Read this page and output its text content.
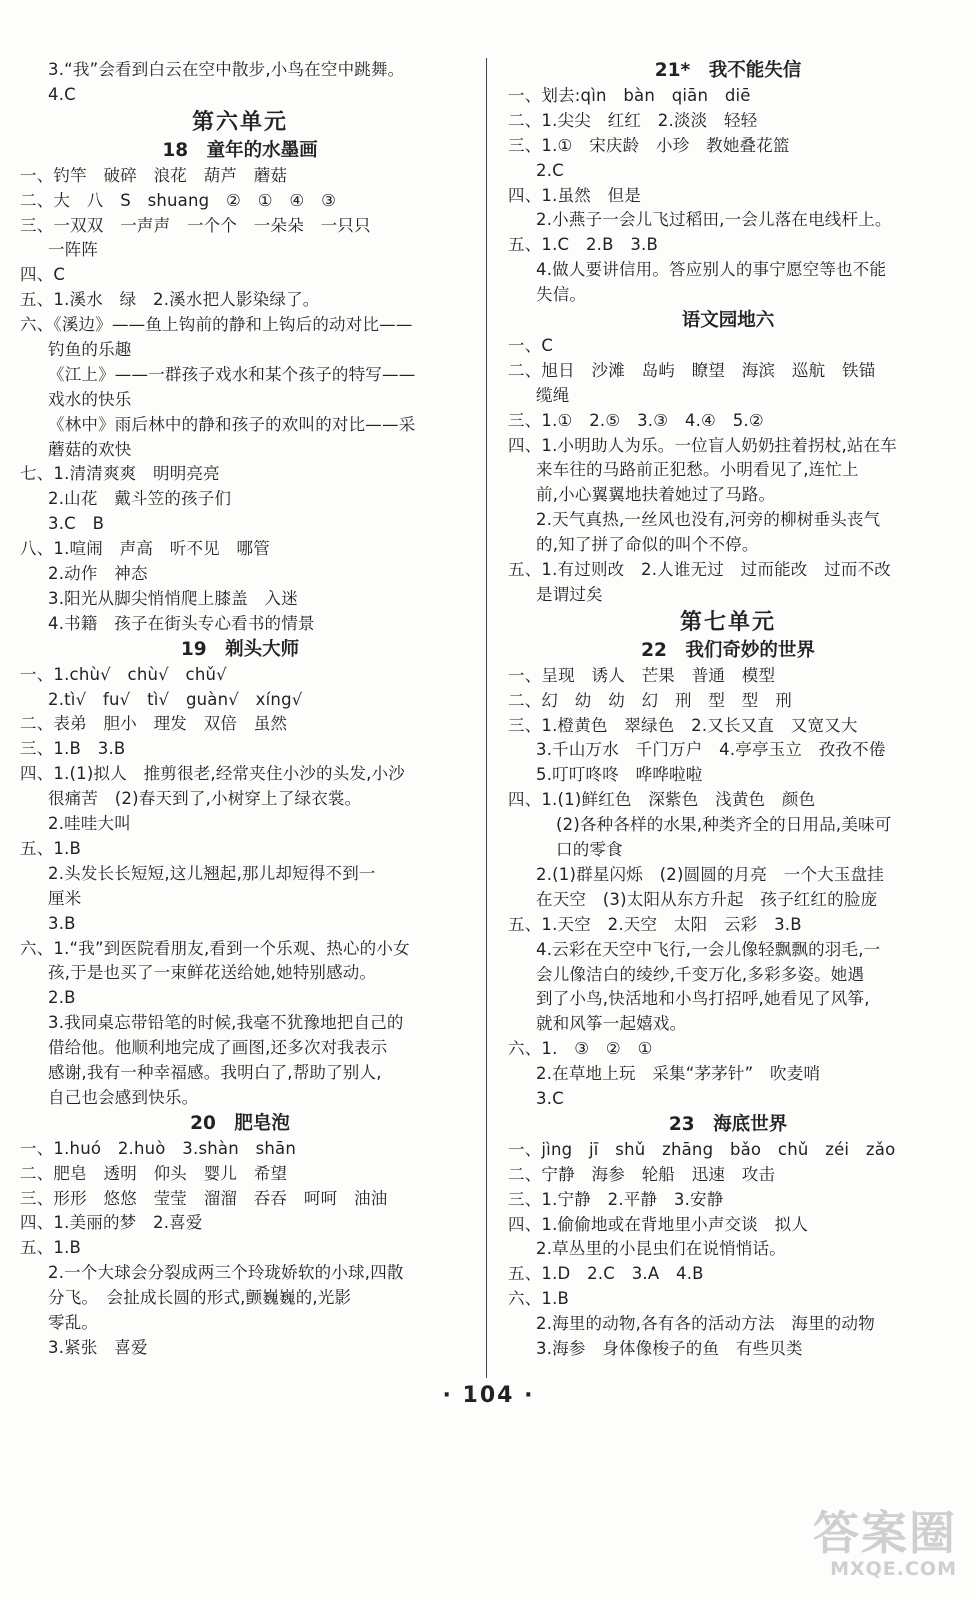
3.“我”会看到白云在空中散步,小鸟在空中跳舞。
4.C
第六单元
18　童年的水墨画
一、钓竿　破碎　浪花　葫芦　蘑菇
二、大　八　S　shuang　②　①　④　③
三、一双双　一声声　一个个　一朵朵　一只只
一阵阵
四、C
五、1.溪水　绿　2.溪水把人影染绿了。
六、《溪边》——鱼上钩前的静和上钩后的动对比——
钓鱼的乐趣
《江上》——一群孩子戏水和某个孩子的特写——
戏水的快乐
《林中》雨后林中的静和孩子的欢叫的对比——采
蘑菇的欢快
七、1.清清爽爽　明明亮亮
2.山花　戴斗笠的孩子们
3.C　B
八、1.喧闹　声高　听不见　哪管
2.动作　神态
3.阳光从脚尖悄悄爬上膝盖　入迷
4.书籍　孩子在街头专心看书的情景
19　剃头大师
一、1.chù√　chù√　chǔ√
2.tì√　fu√　tì√　guàn√　xíng√
二、表弟　胆小　理发　双倍　虽然
三、1.B　3.B
四、1.(1)拟人　推剪很老,经常夹住小沙的头发,小沙
很痛苦　(2)春天到了,小树穿上了绿衣裳。
2.哇哇大叫
五、1.B
2.头发长长短短,这儿翘起,那儿却短得不到一
厘米
3.B
六、1.“我”到医院看朋友,看到一个乐观、热心的小女
孩,于是也买了一束鲜花送给她,她特别感动。
2.B
3.我同桌忘带铅笔的时候,我毫不犹豫地把自己的
借给他。他顺利地完成了画图,还多次对我表示
感谢,我有一种幸福感。我明白了,帮助了别人,
自己也会感到快乐。
20　肥皂泡
一、1.huó　2.huò　3.shàn　shān
二、肥皂　透明　仰头　婴儿　希望
三、形形　悠悠　莹莹　溜溜　吞吞　呵呵　油油
四、1.美丽的梦　2.喜爱
五、1.B
2.一个大球会分裂成两三个玲珑娇软的小球,四散
分飞。　会扯成长圆的形式,颤巍巍的,光影
零乱。
3.紧张　喜爱
21*　我不能失信
一、划去:qìn　bàn　qiān　diē
二、1.尖尖　红红　2.淡淡　轻轻
三、1.①　宋庆龄　小珍　教她叠花篮
2.C
四、1.虽然　但是
2.小燕子一会儿飞过稻田,一会儿落在电线杆上。
五、1.C　2.B　3.B
4.做人要讲信用。答应别人的事宁愿空等也不能
失信。
语文园地六
一、C
二、旭日　沙滩　岛屿　瞭望　海滨　巡航　铁锚
缆绳
三、1.①　2.⑤　3.③　4.④　5.②
四、1.小明助人为乐。一位盲人奶奶拄着拐杖,站在车
来车往的马路前正犯愁。小明看见了,连忙上
前,小心翼翼地扶着她过了马路。
2.天气真热,一丝风也没有,河旁的柳树垂头丧气
的,知了拼了命似的叫个不停。
五、1.有过则改　2.人谁无过　过而能改　过而不改
是谓过矣
第七单元
22　我们奇妙的世界
一、呈现　诱人　芒果　普通　模型
二、幻　幼　幼　幻　刑　型　型　刑
三、1.橙黄色　翠绿色　2.又长又直　又宽又大
3.千山万水　千门万户　4.亭亭玉立　孜孜不倦
5.叮叮咚咚　哗哗啦啦
四、1.(1)鲜红色　深紫色　浅黄色　颜色
(2)各种各样的水果,种类齐全的日用品,美味可
口的零食
2.(1)群星闪烁　(2)圆圆的月亮　一个大玉盘挂
在天空　(3)太阳从东方升起　孩子红红的脸庞
五、1.天空　2.天空　太阳　云彩　3.B
4.云彩在天空中飞行,一会儿像轻飘飘的羽毛,一
会儿像洁白的绫纱,千变万化,多彩多姿。她遇
到了小鸟,快活地和小鸟打招呼,她看见了风筝,
就和风筝一起嬉戏。
六、1.　③　②　①
2.在草地上玩　采集“茅茅针”　吹麦哨
3.C
23　海底世界
一、jìng　jī　shǔ　zhāng　bǎo　chǔ　zéi　zǎo
二、宁静　海参　轮船　迅速　攻击
三、1.宁静　2.平静　3.安静
四、1.偷偷地或在背地里小声交谈　拟人
2.草丛里的小昆虫们在说悄悄话。
五、1.D　2.C　3.A　4.B
六、1.B
2.海里的动物,各有各的活动方法　海里的动物
3.海参　身体像梭子的鱼　有些贝类
· 104 ·
答案圈
MXQE.COM
